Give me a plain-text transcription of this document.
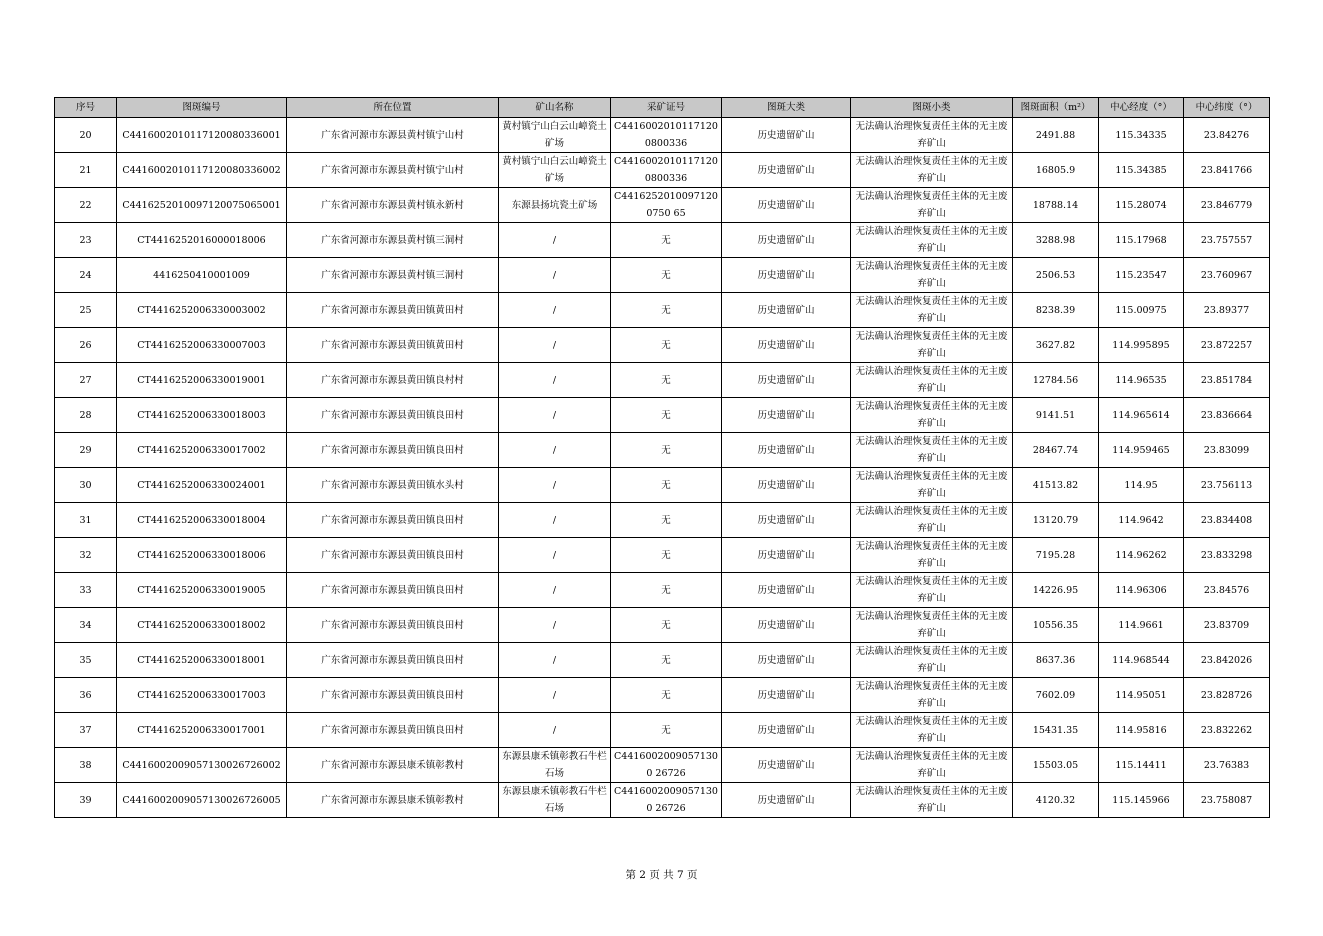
序号	图斑编号	所在位置	矿山名称	采矿证号	图斑大类	图斑小类	图斑面积（m²）	中心经度（°）	中心纬度（°）
20	C4416002010117120080336001	广东省河源市东源县黄村镇宁山村	黄村镇宁山白云山嶂瓷土矿场	C44160020101171200800336	历史遗留矿山	无法确认治理恢复责任主体的无主废弃矿山	2491.88	115.34335	23.84276
21	C4416002010117120080336002	广东省河源市东源县黄村镇宁山村	黄村镇宁山白云山嶂瓷土矿场	C44160020101171200800336	历史遗留矿山	无法确认治理恢复责任主体的无主废弃矿山	16805.9	115.34385	23.841766
22	C4416252010097120075065001	广东省河源市东源县黄村镇永新村	东源县扬坑瓷土矿场	C44162520100971200750 65	历史遗留矿山	无法确认治理恢复责任主体的无主废弃矿山	18788.14	115.28074	23.846779
23	CT4416252016000018006	广东省河源市东源县黄村镇三洞村	/	无	历史遗留矿山	无法确认治理恢复责任主体的无主废弃矿山	3288.98	115.17968	23.757557
24	4416250410001009	广东省河源市东源县黄村镇三洞村	/	无	历史遗留矿山	无法确认治理恢复责任主体的无主废弃矿山	2506.53	115.23547	23.760967
25	CT4416252006330003002	广东省河源市东源县黄田镇黄田村	/	无	历史遗留矿山	无法确认治理恢复责任主体的无主废弃矿山	8238.39	115.00975	23.89377
26	CT4416252006330007003	广东省河源市东源县黄田镇黄田村	/	无	历史遗留矿山	无法确认治理恢复责任主体的无主废弃矿山	3627.82	114.995895	23.872257
27	CT4416252006330019001	广东省河源市东源县黄田镇良村村	/	无	历史遗留矿山	无法确认治理恢复责任主体的无主废弃矿山	12784.56	114.96535	23.851784
28	CT4416252006330018003	广东省河源市东源县黄田镇良田村	/	无	历史遗留矿山	无法确认治理恢复责任主体的无主废弃矿山	9141.51	114.965614	23.836664
29	CT4416252006330017002	广东省河源市东源县黄田镇良田村	/	无	历史遗留矿山	无法确认治理恢复责任主体的无主废弃矿山	28467.74	114.959465	23.83099
30	CT4416252006330024001	广东省河源市东源县黄田镇水头村	/	无	历史遗留矿山	无法确认治理恢复责任主体的无主废弃矿山	41513.82	114.95	23.756113
31	CT4416252006330018004	广东省河源市东源县黄田镇良田村	/	无	历史遗留矿山	无法确认治理恢复责任主体的无主废弃矿山	13120.79	114.9642	23.834408
32	CT4416252006330018006	广东省河源市东源县黄田镇良田村	/	无	历史遗留矿山	无法确认治理恢复责任主体的无主废弃矿山	7195.28	114.96262	23.833298
33	CT4416252006330019005	广东省河源市东源县黄田镇良田村	/	无	历史遗留矿山	无法确认治理恢复责任主体的无主废弃矿山	14226.95	114.96306	23.84576
34	CT4416252006330018002	广东省河源市东源县黄田镇良田村	/	无	历史遗留矿山	无法确认治理恢复责任主体的无主废弃矿山	10556.35	114.9661	23.83709
35	CT4416252006330018001	广东省河源市东源县黄田镇良田村	/	无	历史遗留矿山	无法确认治理恢复责任主体的无主废弃矿山	8637.36	114.968544	23.842026
36	CT4416252006330017003	广东省河源市东源县黄田镇良田村	/	无	历史遗留矿山	无法确认治理恢复责任主体的无主废弃矿山	7602.09	114.95051	23.828726
37	CT4416252006330017001	广东省河源市东源县黄田镇良田村	/	无	历史遗留矿山	无法确认治理恢复责任主体的无主废弃矿山	15431.35	114.95816	23.832262
38	C4416002009057130026726002	广东省河源市东源县康禾镇彰教村	东源县康禾镇彰教石牛栏石场	C44160020090571300 26726	历史遗留矿山	无法确认治理恢复责任主体的无主废弃矿山	15503.05	115.14411	23.76383
39	C4416002009057130026726005	广东省河源市东源县康禾镇彰教村	东源县康禾镇彰教石牛栏石场	C44160020090571300 26726	历史遗留矿山	无法确认治理恢复责任主体的无主废弃矿山	4120.32	115.145966	23.758087
第 2 页 共 7 页
